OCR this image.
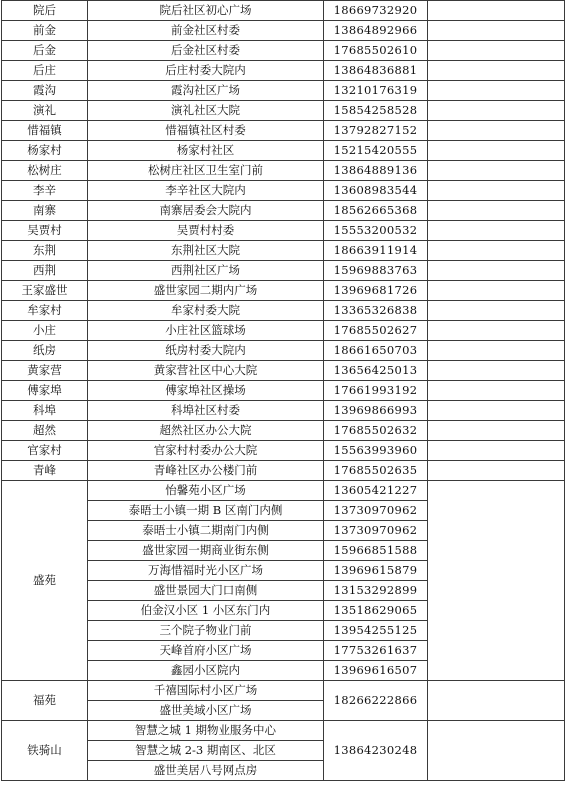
院后	院后社区初心广场	18669732920	
前金	前金社区村委	13864892966	
后金	后金社区村委	17685502610	
后庄	后庄村委大院内	13864836881	
霞沟	霞沟社区广场	13210176319	
演礼	演礼社区大院	15854258528	
惜福镇	惜福镇社区村委	13792827152	
杨家村	杨家村社区	15215420555	
松树庄	松树庄社区卫生室门前	13864889136	
李辛	李辛社区大院内	13608983544	
南寨	南寨居委会大院内	18562665368	
吴贾村	吴贾村村委	15553200532	
东荆	东荆社区大院	18663911914	
西荆	西荆社区广场	15969883763	
王家盛世	盛世家园二期内广场	13969681726	
牟家村	牟家村委大院	13365326838	
小庄	小庄社区篮球场	17685502627	
纸房	纸房村委大院内	18661650703	
黄家营	黄家营社区中心大院	13656425013	
傅家埠	傅家埠社区操场	17661993192	
科埠	科埠社区村委	13969866993	
超然	超然社区办公大院	17685502632	
官家村	官家村村委办公大院	15563993960	
青峰	青峰社区办公楼门前	17685502635	
盛苑	怡馨苑小区广场	13605421227	
	泰晤士小镇一期 B 区南门内侧	13730970962	
	泰晤士小镇二期南门内侧	13730970962	
	盛世家园一期商业街东侧	15966851588	
	万海惜福时光小区广场	13969615879	
	盛世景园大门口南侧	13153292899	
	伯金汉小区 1 小区东门内	13518629065	
	三个院子物业门前	13954255125	
	天峰首府小区广场	17753261637	
	鑫园小区院内	13969616507	
福苑	千禧国际村小区广场	18266222866	
	盛世美域小区广场		
铁骑山	智慧之城 1 期物业服务中心	13864230248	
	智慧之城 2-3 期南区、北区		
	盛世美居八号网点房		
